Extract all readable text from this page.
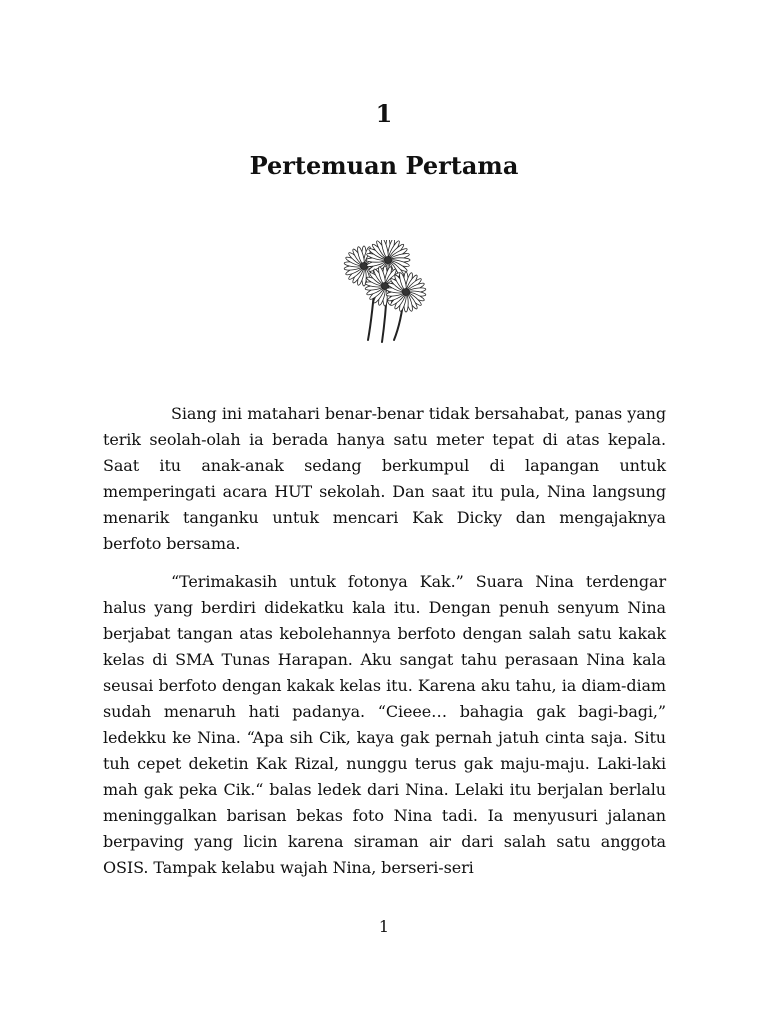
1
Pertemuan Pertama

Siang ini matahari benar-benar tidak bersahabat, panas yang terik seolah-olah ia berada hanya satu meter tepat di atas kepala. Saat itu anak-anak sedang berkumpul di lapangan untuk memperingati acara HUT sekolah. Dan saat itu pula, Nina langsung menarik tanganku untuk mencari Kak Dicky dan mengajaknya berfoto bersama.

“Terimakasih untuk fotonya Kak.” Suara Nina terdengar halus yang berdiri didekatku kala itu. Dengan penuh senyum Nina berjabat tangan atas kebolehannya berfoto dengan salah satu kakak kelas di SMA Tunas Harapan. Aku sangat tahu perasaan Nina kala seusai berfoto dengan kakak kelas itu. Karena aku tahu, ia diam-diam sudah menaruh hati padanya. “Cieee… bahagia gak bagi-bagi,” ledekku ke Nina. “Apa sih Cik, kaya gak pernah jatuh cinta saja. Situ tuh cepet deketin Kak Rizal, nunggu terus gak maju-maju. Laki-laki mah gak peka Cik.“ balas ledek dari Nina. Lelaki itu berjalan berlalu meninggalkan barisan bekas foto Nina tadi. Ia menyusuri jalanan berpaving yang licin karena siraman air dari salah satu anggota OSIS. Tampak kelabu wajah Nina, berseri-seri

1
